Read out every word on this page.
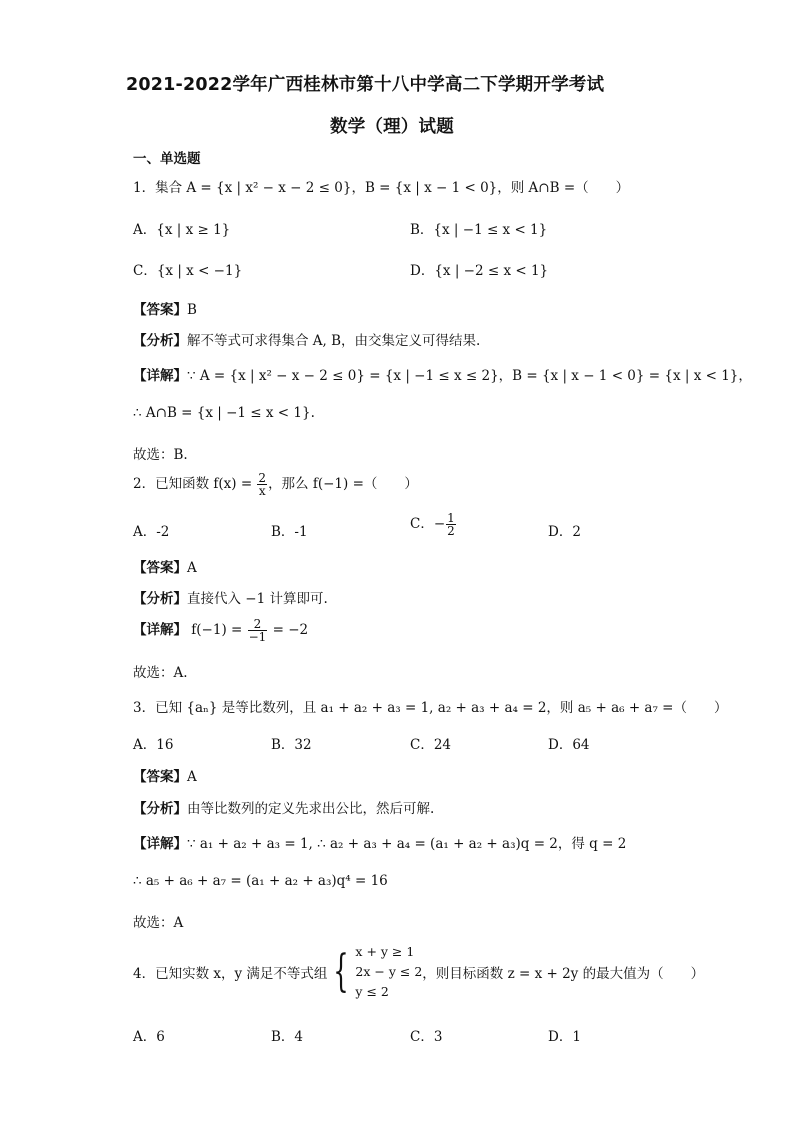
2021-2022学年广西桂林市第十八中学高二下学期开学考试
数学（理）试题
一、单选题
1．集合 A = {x | x² − x − 2 ≤ 0}，B = {x | x − 1 < 0}，则 A∩B =（　　）
A．{x | x ≥ 1}	B．{x | −1 ≤ x < 1}
C．{x | x < −1}	D．{x | −2 ≤ x < 1}
【答案】B
【分析】解不等式可求得集合 A, B，由交集定义可得结果.
【详解】∵ A = {x | x² − x − 2 ≤ 0} = {x | −1 ≤ x ≤ 2}，B = {x | x − 1 < 0} = {x | x < 1}，
∴ A∩B = {x | −1 ≤ x < 1}.
故选：B.
2．已知函数 $f(x) = \frac{2}{x}$ ，那么 f(−1) =（　　）
A．-2	B．-1	C．− $\frac{1}{2}$	D．2
【答案】A
【分析】直接代入 −1 计算即可.
【详解】 $f(-1) = \frac{2}{-1} = -2$
故选：A.
3．已知 {aₙ} 是等比数列，且 a₁ + a₂ + a₃ = 1, a₂ + a₃ + a₄ = 2，则 a₅ + a₆ + a₇ =（　　）
A．16	B．32	C．24	D．64
【答案】A
【分析】由等比数列的定义先求出公比，然后可解.
【详解】∵ a₁ + a₂ + a₃ = 1, ∴ a₂ + a₃ + a₄ = (a₁ + a₂ + a₃)q = 2，得 q = 2
∴ a₅ + a₆ + a₇ = (a₁ + a₂ + a₃)q⁴ = 16
故选：A
4．已知实数 x，y 满足不等式组 { x + y ≥ 1
2x − y ≤ 2
y ≤ 2
，则目标函数 z = x + 2y 的最大值为（　　）
A．6	B．4	C．3	D．1
